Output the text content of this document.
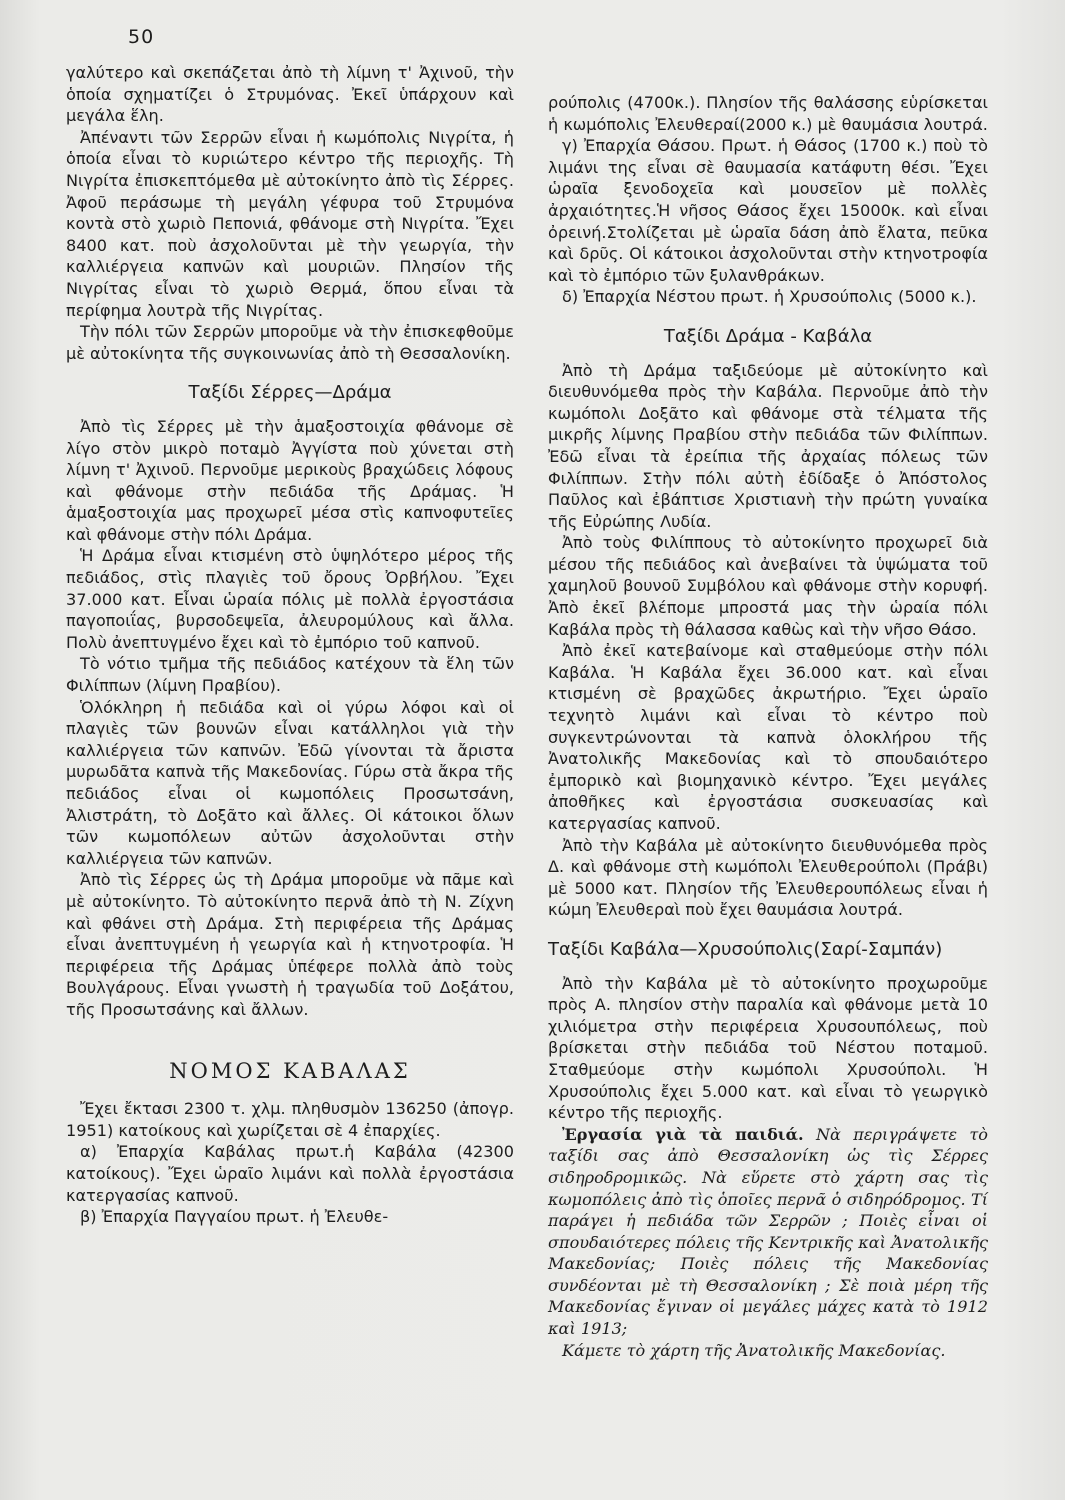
50

γαλύτερο καὶ σκεπάζεται ἀπὸ τὴ λίμνη τ' Ἀχινοῦ, τὴν ὁποία σχηματίζει ὁ Στρυμόνας. Ἐκεῖ ὑπάρχουν καὶ μεγάλα ἕλη.

Ἀπέναντι τῶν Σερρῶν εἶναι ἡ κωμόπολις Νιγρίτα, ἡ ὁποία εἶναι τὸ κυριώτερο κέντρο τῆς περιοχῆς. Τὴ Νιγρίτα ἐπισκεπτόμεθα μὲ αὐτοκίνητο ἀπὸ τὶς Σέρρες. Ἀφοῦ περάσωμε τὴ μεγάλη γέφυρα τοῦ Στρυμόνα κοντὰ στὸ χωριὸ Πεπονιά, φθάνομε στὴ Νιγρίτα. Ἔχει 8400 κατ. ποὺ ἀσχολοῦνται μὲ τὴν γεωργία, τὴν καλλιέργεια καπνῶν καὶ μουριῶν. Πλησίον τῆς Νιγρίτας εἶναι τὸ χωριὸ Θερμά, ὅπου εἶναι τὰ περίφημα λουτρὰ τῆς Νιγρίτας.

Τὴν πόλι τῶν Σερρῶν μποροῦμε νὰ τὴν ἐπισκεφθοῦμε μὲ αὐτοκίνητα τῆς συγκοινωνίας ἀπὸ τὴ Θεσσαλονίκη.

Ταξίδι Σέρρες—Δράμα

Ἀπὸ τὶς Σέρρες μὲ τὴν ἁμαξοστοιχία φθάνομε σὲ λίγο στὸν μικρὸ ποταμὸ Ἀγγίστα ποὺ χύνεται στὴ λίμνη τ' Ἀχινοῦ. Περνοῦμε μερικοὺς βραχώδεις λόφους καὶ φθάνομε στὴν πεδιάδα τῆς Δράμας. Ἡ ἁμαξοστοιχία μας προχωρεῖ μέσα στὶς καπνοφυτεῖες καὶ φθάνομε στὴν πόλι Δράμα.

Ἡ Δράμα εἶναι κτισμένη στὸ ὑψηλότερο μέρος τῆς πεδιάδος, στὶς πλαγιὲς τοῦ ὄρους Ὀρβήλου. Ἔχει 37.000 κατ. Εἶναι ὡραία πόλις μὲ πολλὰ ἐργοστάσια παγοποιΐας, βυρσοδεψεῖα, ἀλευρομύλους καὶ ἄλλα. Πολὺ ἀνεπτυγμένο ἔχει καὶ τὸ ἐμπόριο τοῦ καπνοῦ.

Τὸ νότιο τμῆμα τῆς πεδιάδος κατέχουν τὰ ἕλη τῶν Φιλίππων (λίμνη Πραβίου).

Ὁλόκληρη ἡ πεδιάδα καὶ οἱ γύρω λόφοι καὶ οἱ πλαγιὲς τῶν βουνῶν εἶναι κατάλληλοι γιὰ τὴν καλλιέργεια τῶν καπνῶν. Ἐδῶ γίνονται τὰ ἄριστα μυρωδᾶτα καπνὰ τῆς Μακεδονίας. Γύρω στὰ ἄκρα τῆς πεδιάδος εἶναι οἱ κωμοπόλεις Προσωτσάνη, Ἀλιστράτη, τὸ Δοξᾶτο καὶ ἄλλες. Οἱ κάτοικοι ὅλων τῶν κωμοπόλεων αὐτῶν ἀσχολοῦνται στὴν καλλιέργεια τῶν καπνῶν.

Ἀπὸ τὶς Σέρρες ὡς τὴ Δράμα μποροῦμε νὰ πᾶμε καὶ μὲ αὐτοκίνητο. Τὸ αὐτοκίνητο περνᾶ ἀπὸ τὴ Ν. Ζίχνη καὶ φθάνει στὴ Δράμα. Στὴ περιφέρεια τῆς Δράμας εἶναι ἀνεπτυγμένη ἡ γεωργία καὶ ἡ κτηνοτροφία. Ἡ περιφέρεια τῆς Δράμας ὑπέφερε πολλὰ ἀπὸ τοὺς Βουλγάρους. Εἶναι γνωστὴ ἡ τραγωδία τοῦ Δοξάτου, τῆς Προσωτσάνης καὶ ἄλλων.

ΝΟΜΟΣ ΚΑΒΑΛΑΣ

Ἔχει ἔκτασι 2300 τ. χλμ. πληθυσμὸν 136250 (ἀπογρ. 1951) κατοίκους καὶ χωρίζεται σὲ 4 ἐπαρχίες.

α) Ἐπαρχία Καβάλας πρωτ.ἡ Καβάλα (42300 κατοίκους). Ἔχει ὡραῖο λιμάνι καὶ πολλὰ ἐργοστάσια κατεργασίας καπνοῦ.

β) Ἐπαρχία Παγγαίου πρωτ. ἡ Ἐλευθε-

ρούπολις (4700κ.). Πλησίον τῆς θαλάσσης εὑρίσκεται ἡ κωμόπολις Ἐλευθεραί(2000 κ.) μὲ θαυμάσια λουτρά.

γ) Ἐπαρχία Θάσου. Πρωτ. ἡ Θάσος (1700 κ.) ποὺ τὸ λιμάνι της εἶναι σὲ θαυμασία κατάφυτη θέσι. Ἔχει ὡραῖα ξενοδοχεῖα καὶ μουσεῖον μὲ πολλὲς ἀρχαιότητες.Ἡ νῆσος Θάσος ἔχει 15000κ. καὶ εἶναι ὀρεινή.Στολίζεται μὲ ὡραῖα δάση ἀπὸ ἔλατα, πεῦκα καὶ δρῦς. Οἱ κάτοικοι ἀσχολοῦνται στὴν κτηνοτροφία καὶ τὸ ἐμπόριο τῶν ξυλανθράκων.

δ) Ἐπαρχία Νέστου πρωτ. ἡ Χρυσούπολις (5000 κ.).

Ταξίδι Δράμα - Καβάλα

Ἀπὸ τὴ Δράμα ταξιδεύομε μὲ αὐτοκίνητο καὶ διευθυνόμεθα πρὸς τὴν Καβάλα. Περνοῦμε ἀπὸ τὴν κωμόπολι Δοξᾶτο καὶ φθάνομε στὰ τέλματα τῆς μικρῆς λίμνης Πραβίου στὴν πεδιάδα τῶν Φιλίππων. Ἐδῶ εἶναι τὰ ἐρείπια τῆς ἀρχαίας πόλεως τῶν Φιλίππων. Στὴν πόλι αὐτὴ ἐδίδαξε ὁ Ἀπόστολος Παῦλος καὶ ἐβάπτισε Χριστιανὴ τὴν πρώτη γυναίκα τῆς Εὐρώπης Λυδία.

Ἀπὸ τοὺς Φιλίππους τὸ αὐτοκίνητο προχωρεῖ διὰ μέσου τῆς πεδιάδος καὶ ἀνεβαίνει τὰ ὑψώματα τοῦ χαμηλοῦ βουνοῦ Συμβόλου καὶ φθάνομε στὴν κορυφή. Ἀπὸ ἐκεῖ βλέπομε μπροστά μας τὴν ὡραία πόλι Καβάλα πρὸς τὴ θάλασσα καθὼς καὶ τὴν νῆσο Θάσο.

Ἀπὸ ἐκεῖ κατεβαίνομε καὶ σταθμεύομε στὴν πόλι Καβάλα. Ἡ Καβάλα ἔχει 36.000 κατ. καὶ εἶναι κτισμένη σὲ βραχῶδες ἀκρωτήριο. Ἔχει ὡραῖο τεχνητὸ λιμάνι καὶ εἶναι τὸ κέντρο ποὺ συγκεντρώνονται τὰ καπνὰ ὁλοκλήρου τῆς Ἀνατολικῆς Μακεδονίας καὶ τὸ σπουδαιότερο ἐμπορικὸ καὶ βιομηχανικὸ κέντρο. Ἔχει μεγάλες ἀποθῆκες καὶ ἐργοστάσια συσκευασίας καὶ κατεργασίας καπνοῦ.

Ἀπὸ τὴν Καβάλα μὲ αὐτοκίνητο διευθυνόμεθα πρὸς Δ. καὶ φθάνομε στὴ κωμόπολι Ἐλευθερούπολι (Πράβι) μὲ 5000 κατ. Πλησίον τῆς Ἐλευθερουπόλεως εἶναι ἡ κώμη Ἐλευθεραὶ ποὺ ἔχει θαυμάσια λουτρά.

Ταξίδι Καβάλα—Χρυσούπολις(Σαρί-Σαμπάν)

Ἀπὸ τὴν Καβάλα μὲ τὸ αὐτοκίνητο προχωροῦμε πρὸς Α. πλησίον στὴν παραλία καὶ φθάνομε μετὰ 10 χιλιόμετρα στὴν περιφέρεια Χρυσουπόλεως, ποὺ βρίσκεται στὴν πεδιάδα τοῦ Νέστου ποταμοῦ. Σταθμεύομε στὴν κωμόπολι Χρυσούπολι. Ἡ Χρυσούπολις ἔχει 5.000 κατ. καὶ εἶναι τὸ γεωργικὸ κέντρο τῆς περιοχῆς.

Ἐργασία γιὰ τὰ παιδιά. Νὰ περιγράψετε τὸ ταξίδι σας ἀπὸ Θεσσαλονίκη ὡς τὶς Σέρρες σιδηροδρομικῶς. Νὰ εὕρετε στὸ χάρτη σας τὶς κωμοπόλεις ἀπὸ τὶς ὁποῖες περνᾶ ὁ σιδηρόδρομος. Τί παράγει ἡ πεδιάδα τῶν Σερρῶν ; Ποιὲς εἶναι οἱ σπουδαιότερες πόλεις τῆς Κεντρικῆς καὶ Ἀνατολικῆς Μακεδονίας; Ποιὲς πόλεις τῆς Μακεδονίας συνδέονται μὲ τὴ Θεσσαλονίκη ; Σὲ ποιὰ μέρη τῆς Μακεδονίας ἔγιναν οἱ μεγάλες μάχες κατὰ τὸ 1912 καὶ 1913;

Κάμετε τὸ χάρτη τῆς Ἀνατολικῆς Μακεδονίας.
